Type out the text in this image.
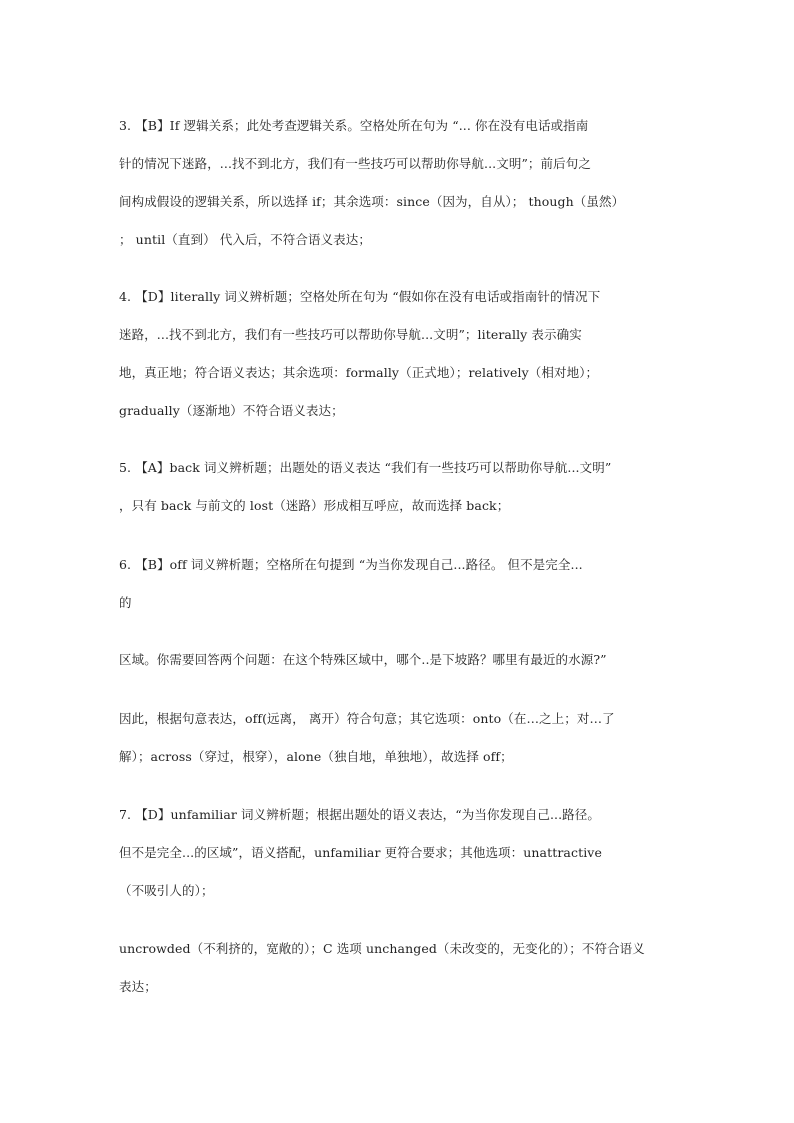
3. 【B】If 逻辑关系；此处考查逻辑关系。空格处所在句为 “... 你在没有电话或指南
针的情况下迷路，...找不到北方，我们有一些技巧可以帮助你导航...文明”；前后句之
间构成假设的逻辑关系，所以选择 if；其余选项：since（因为，自从）； though（虽然）
； until（直到） 代入后，不符合语义表达；
4. 【D】literally 词义辨析题；空格处所在句为 “假如你在没有电话或指南针的情况下
迷路，...找不到北方，我们有一些技巧可以帮助你导航...文明”；literally 表示确实
地，真正地；符合语义表达；其余选项：formally（正式地）；relatively（相对地）；
gradually（逐渐地）不符合语义表达；
5. 【A】back 词义辨析题；出题处的语义表达 “我们有一些技巧可以帮助你导航...文明”
，只有 back 与前文的 lost（迷路）形成相互呼应，故而选择 back；
6. 【B】off 词义辨析题；空格所在句提到 “为当你发现自己...路径。 但不是完全...
的
区域。你需要回答两个问题：在这个特殊区域中，哪个..是下坡路？哪里有最近的水源?”
因此，根据句意表达，off(远离， 离开）符合句意；其它选项：onto（在…之上；对…了
解）；across（穿过，根穿），alone（独自地，单独地），故选择 off；
7. 【D】unfamiliar 词义辨析题；根据出题处的语义表达，“为当你发现自己...路径。
但不是完全...的区域”，语义搭配，unfamiliar 更符合要求；其他选项：unattractive
（不吸引人的）；
uncrowded（不利挤的，宽敞的）；C 选项 unchanged（未改变的，无变化的）；不符合语义
表达；
